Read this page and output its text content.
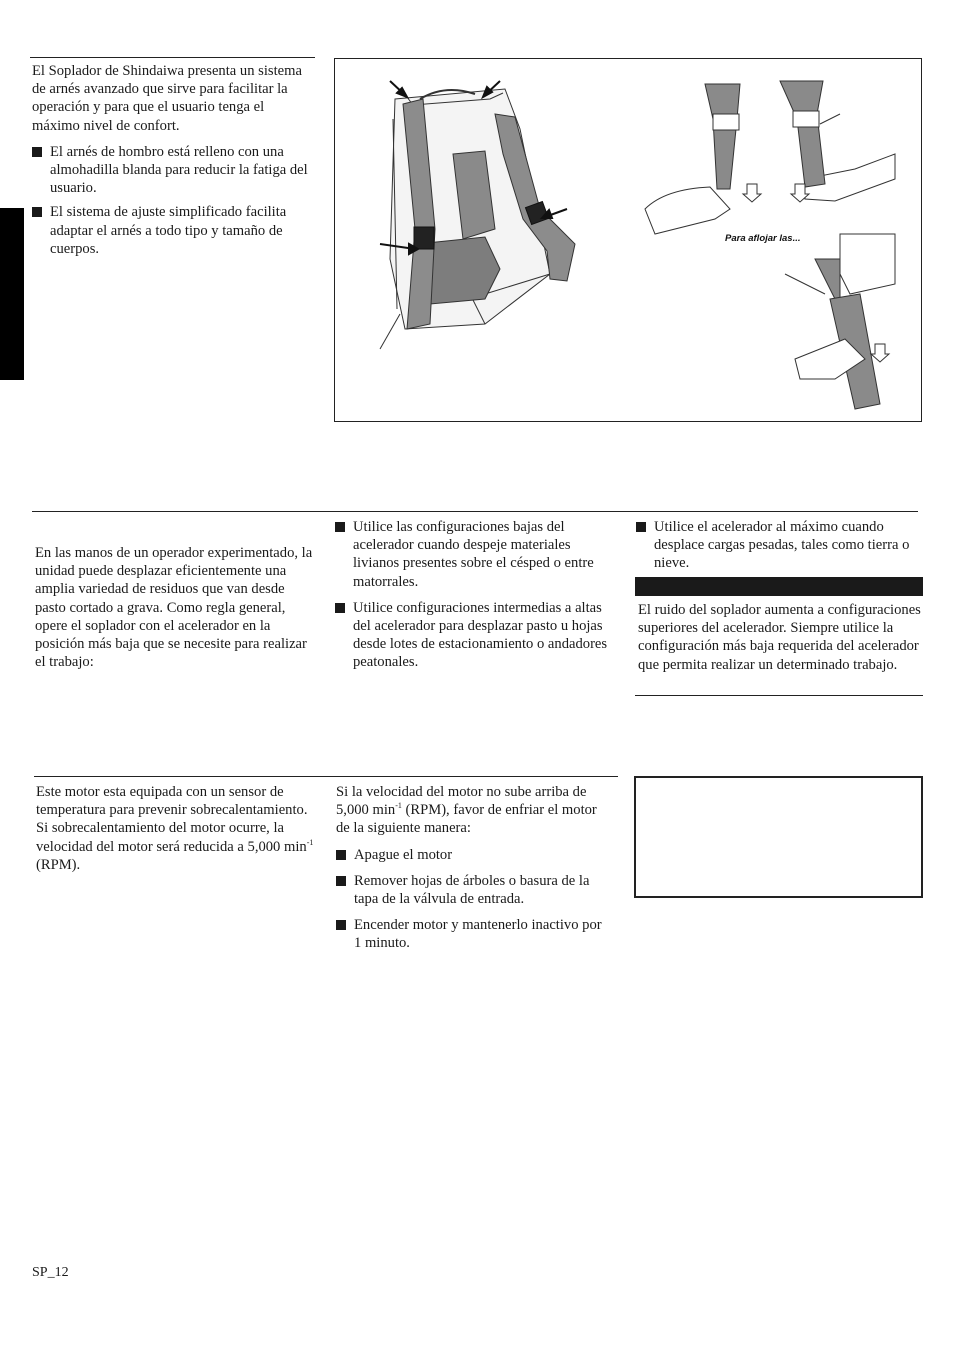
El Soplador de Shindaiwa presenta un sistema de arnés avanzado que sirve para facilitar la operación y para que el usuario tenga el máximo nivel de confort.

El arnés de hombro está relleno con una almohadilla blanda para reducir la fatiga del usuario.
El sistema de ajuste simplificado facilita adaptar el arnés a todo tipo y tamaño de cuerpos.
Para aflojar las...

En las manos de un operador experimentado, la unidad puede desplazar eficientemente una amplia variedad de residuos que van desde pasto cortado a grava. Como regla general, opere el soplador con el acelerador en la posición más baja que se necesite para realizar el trabajo:

Utilice las configuraciones bajas del acelerador cuando despeje materiales livianos presentes sobre el césped o entre matorrales.
Utilice configuraciones intermedias a altas del acelerador para desplazar pasto u hojas desde lotes de estacionamiento o andadores peatonales.
Utilice el acelerador al máximo cuando desplace cargas pesadas, tales como tierra o nieve.

El ruido del soplador aumenta a configuraciones superiores del acelerador. Siempre utilice la configuración más baja requerida del acelerador que permita realizar un determinado trabajo.

Este motor esta equipada con un sensor de temperatura para prevenir sobrecalentamiento. Si sobrecalentamiento del motor ocurre, la velocidad del motor será reducida a 5,000 $\min^{-1} (RPM)$.

Si la velocidad del motor no sube arriba de 5,000 $\min^{-1} (RPM)$, favor de enfriar el motor de la siguiente manera:

Apague el motor
Remover hojas de árboles o basura de la tapa de la válvula de entrada.
Encender motor y mantenerlo inactivo por 1 minuto.
SP_12
